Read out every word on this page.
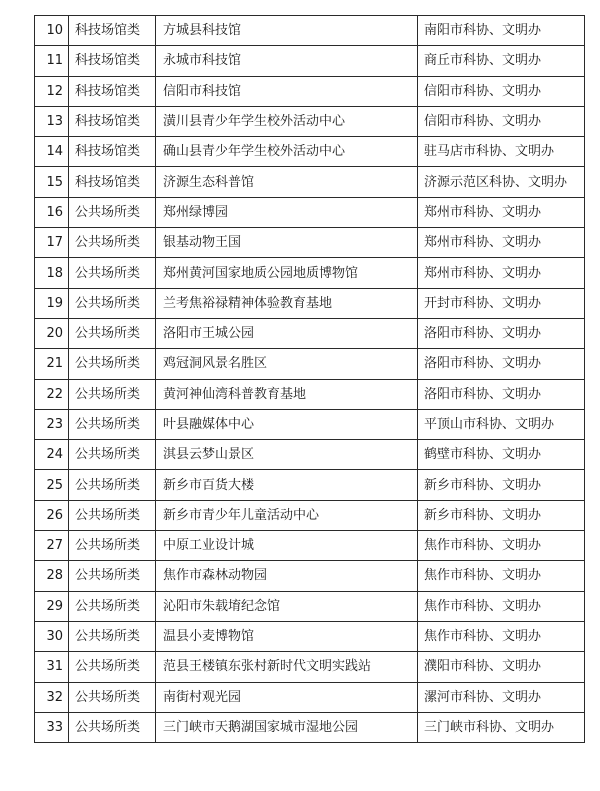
10	科技场馆类	方城县科技馆	南阳市科协、文明办
11	科技场馆类	永城市科技馆	商丘市科协、文明办
12	科技场馆类	信阳市科技馆	信阳市科协、文明办
13	科技场馆类	潢川县青少年学生校外活动中心	信阳市科协、文明办
14	科技场馆类	确山县青少年学生校外活动中心	驻马店市科协、文明办
15	科技场馆类	济源生态科普馆	济源示范区科协、文明办
16	公共场所类	郑州绿博园	郑州市科协、文明办
17	公共场所类	银基动物王国	郑州市科协、文明办
18	公共场所类	郑州黄河国家地质公园地质博物馆	郑州市科协、文明办
19	公共场所类	兰考焦裕禄精神体验教育基地	开封市科协、文明办
20	公共场所类	洛阳市王城公园	洛阳市科协、文明办
21	公共场所类	鸡冠洞风景名胜区	洛阳市科协、文明办
22	公共场所类	黄河神仙湾科普教育基地	洛阳市科协、文明办
23	公共场所类	叶县融媒体中心	平顶山市科协、文明办
24	公共场所类	淇县云梦山景区	鹤壁市科协、文明办
25	公共场所类	新乡市百货大楼	新乡市科协、文明办
26	公共场所类	新乡市青少年儿童活动中心	新乡市科协、文明办
27	公共场所类	中原工业设计城	焦作市科协、文明办
28	公共场所类	焦作市森林动物园	焦作市科协、文明办
29	公共场所类	沁阳市朱载堉纪念馆	焦作市科协、文明办
30	公共场所类	温县小麦博物馆	焦作市科协、文明办
31	公共场所类	范县王楼镇东张村新时代文明实践站	濮阳市科协、文明办
32	公共场所类	南街村观光园	漯河市科协、文明办
33	公共场所类	三门峡市天鹅湖国家城市湿地公园	三门峡市科协、文明办
